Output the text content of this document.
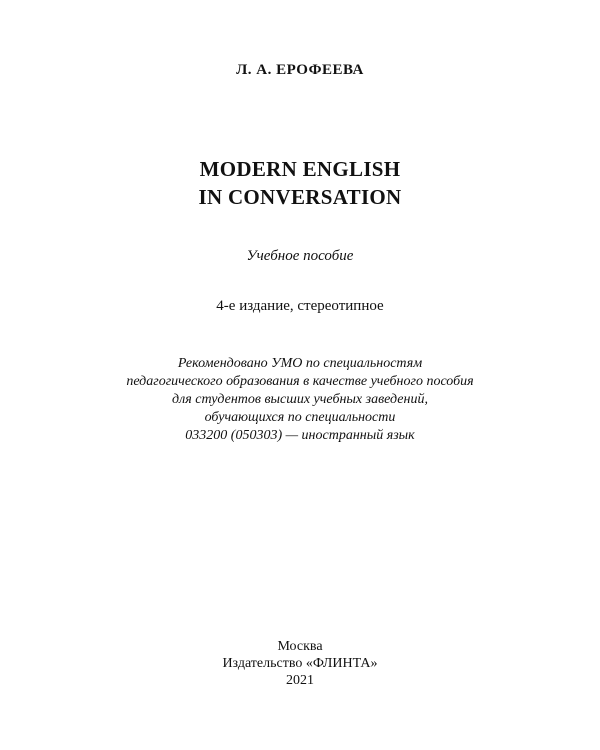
Л. А. ЕРОФЕЕВА
MODERN ENGLISH
IN CONVERSATION
Учебное пособие
4-е издание, стереотипное
Рекомендовано УМО по специальностям
педагогического образования в качестве учебного пособия
для студентов высших учебных заведений,
обучающихся по специальности
033200 (050303) — иностранный язык
Москва
Издательство «ФЛИНТА»
2021
